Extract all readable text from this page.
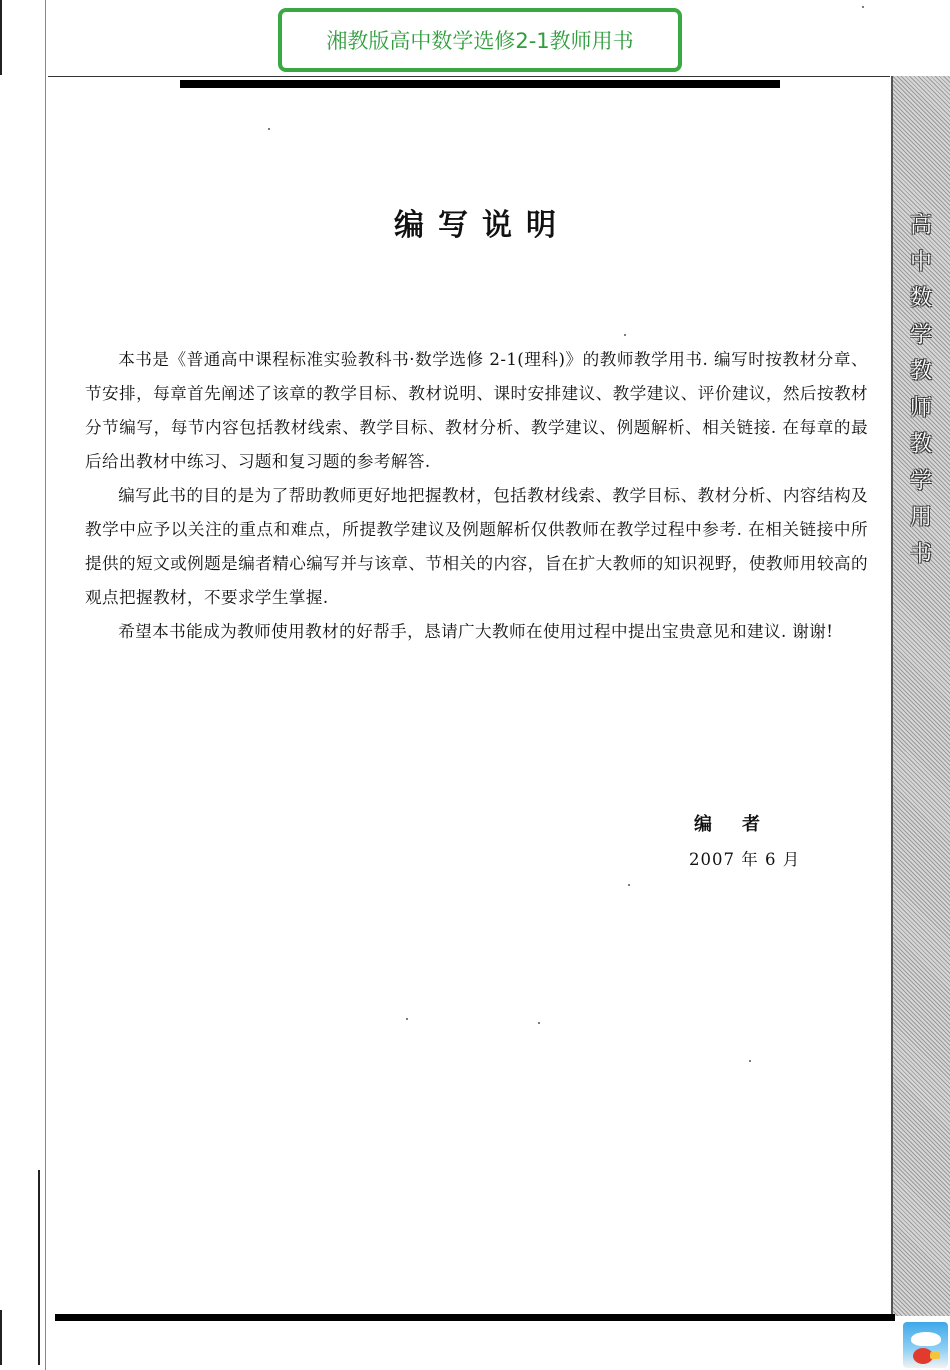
湘教版高中数学选修2-1教师用书
高
中
数
学
教
师
教
学
用
书
编写说明

本书是《普通高中课程标准实验教科书·数学选修 2-1(理科)》的教师教学用书. 编写时按教材分章、节安排，每章首先阐述了该章的教学目标、教材说明、课时安排建议、教学建议、评价建议，然后按教材分节编写，每节内容包括教材线索、教学目标、教材分析、教学建议、例题解析、相关链接. 在每章的最后给出教材中练习、习题和复习题的参考解答.

编写此书的目的是为了帮助教师更好地把握教材，包括教材线索、教学目标、教材分析、内容结构及教学中应予以关注的重点和难点，所提教学建议及例题解析仅供教师在教学过程中参考. 在相关链接中所提供的短文或例题是编者精心编写并与该章、节相关的内容，旨在扩大教师的知识视野，使教师用较高的观点把握教材，不要求学生掌握.

希望本书能成为教师使用教材的好帮手，恳请广大教师在使用过程中提出宝贵意见和建议. 谢谢!

编者
2007 年 6 月
